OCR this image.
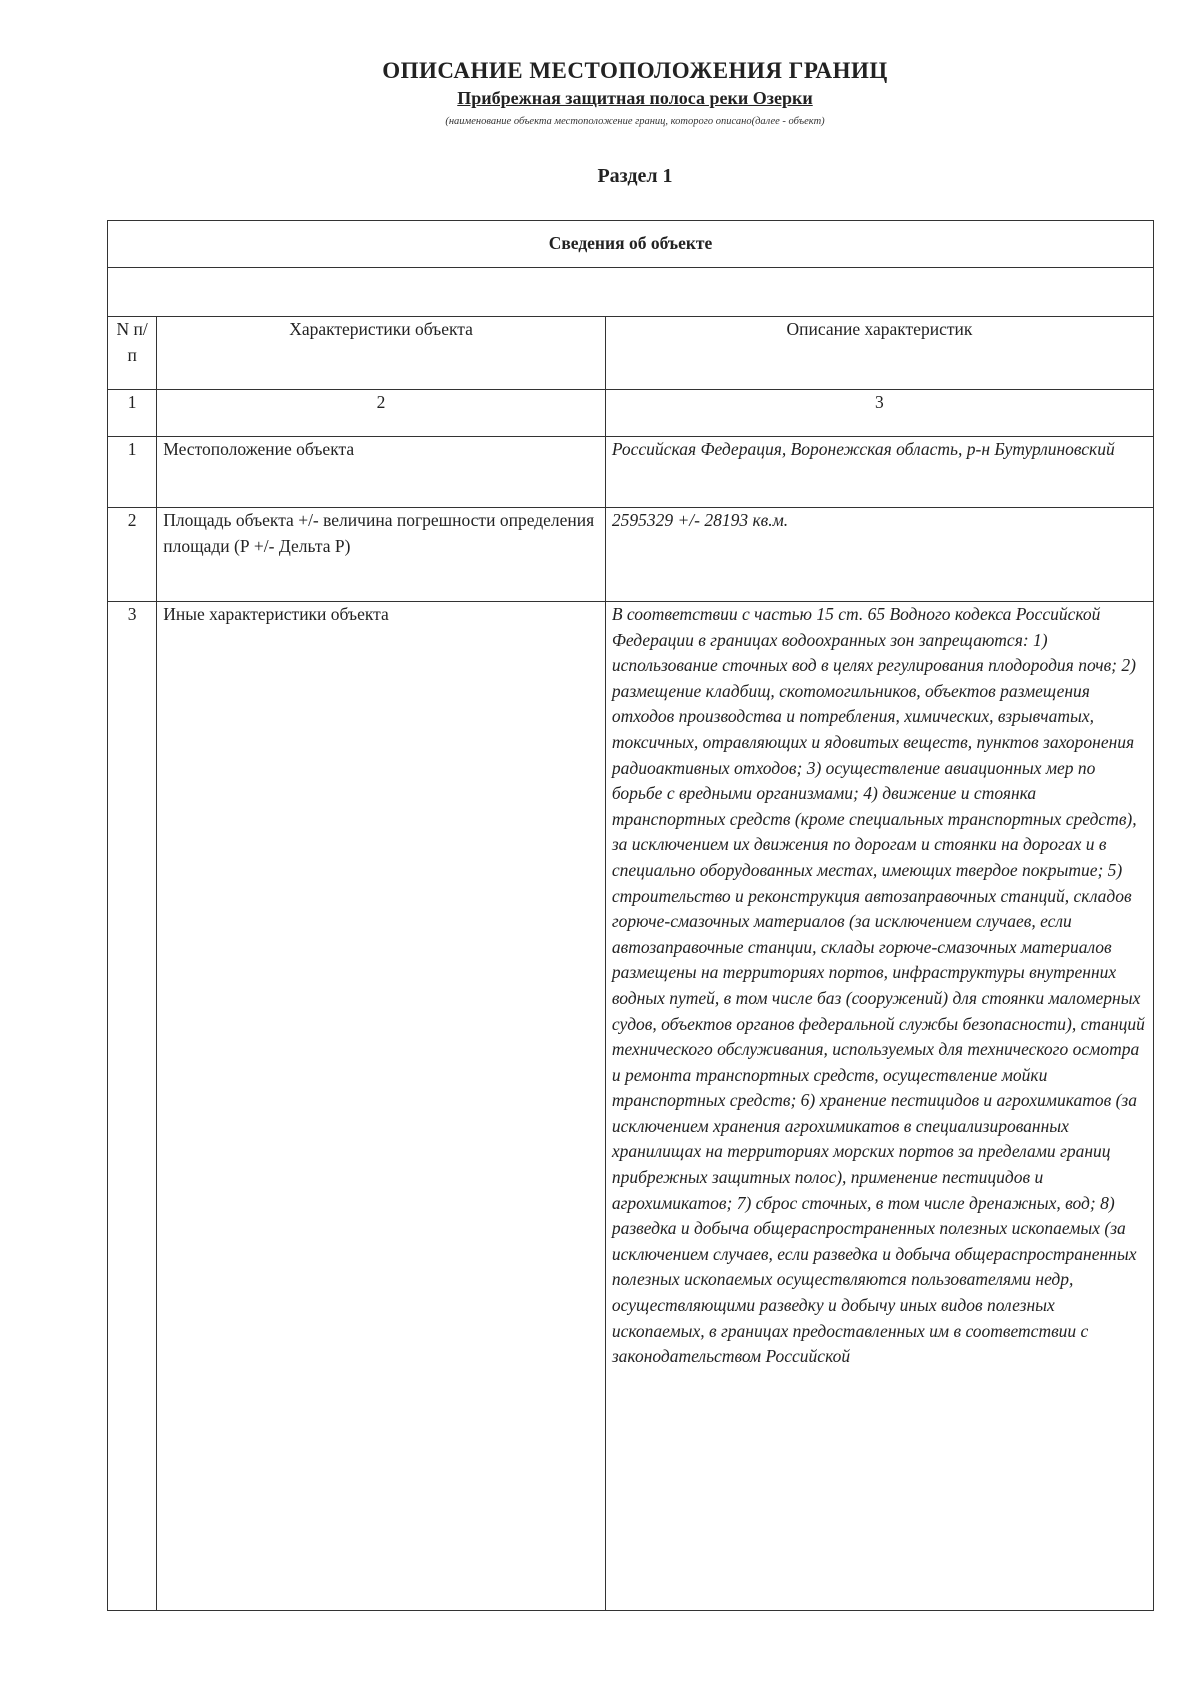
ОПИСАНИЕ МЕСТОПОЛОЖЕНИЯ ГРАНИЦ
Прибрежная защитная полоса реки Озерки
(наименование объекта местоположение границ, которого описано(далее - объект)
Раздел 1
Сведения об объекте		

N п/п	Характеристики объекта	Описание характеристик
1	2	3
1	Местоположение объекта	Российская Федерация, Воронежская область, р-н Бутурлиновский
2	Площадь объекта +/- величина погрешности определения площади (Р +/- Дельта Р)	2595329 +/- 28193 кв.м.
3	Иные характеристики объекта	В соответствии с частью 15 ст. 65 Водного кодекса Российской Федерации в границах водоохранных зон запрещаются: 1) использование сточных вод в целях регулирования плодородия почв; 2) размещение кладбищ, скотомогильников, объектов размещения отходов производства и потребления, химических, взрывчатых, токсичных, отравляющих и ядовитых веществ, пунктов захоронения радиоактивных отходов; 3) осуществление авиационных мер по борьбе с вредными организмами; 4) движение и стоянка транспортных средств (кроме специальных транспортных средств), за исключением их движения по дорогам и стоянки на дорогах и в специально оборудованных местах, имеющих твердое покрытие; 5) строительство и реконструкция автозаправочных станций, складов горюче-смазочных материалов (за исключением случаев, если автозаправочные станции, склады горюче-смазочных материалов размещены на территориях портов, инфраструктуры внутренних водных путей, в том числе баз (сооружений) для стоянки маломерных судов, объектов органов федеральной службы безопасности), станций технического обслуживания, используемых для технического осмотра и ремонта транспортных средств, осуществление мойки транспортных средств; 6) хранение пестицидов и агрохимикатов (за исключением хранения агрохимикатов в специализированных хранилищах на территориях морских портов за пределами границ прибрежных защитных полос), применение пестицидов и агрохимикатов; 7) сброс сточных, в том числе дренажных, вод; 8) разведка и добыча общераспространенных полезных ископаемых (за исключением случаев, если разведка и добыча общераспространенных полезных ископаемых осуществляются пользователями недр, осуществляющими разведку и добычу иных видов полезных ископаемых, в границах предоставленных им в соответствии с законодательством Российской
